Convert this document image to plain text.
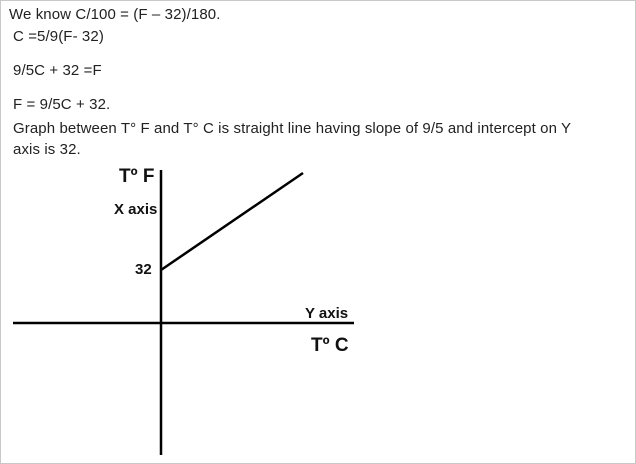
We know C/100 = (F – 32)/180.
C =5/9(F- 32)
9/5C + 32 =F
F = 9/5C + 32.
Graph between T° F and T° C is straight line having slope of 9/5 and intercept on Y
axis is 32.
Tº F
X axis
32
Y axis
Tº C
